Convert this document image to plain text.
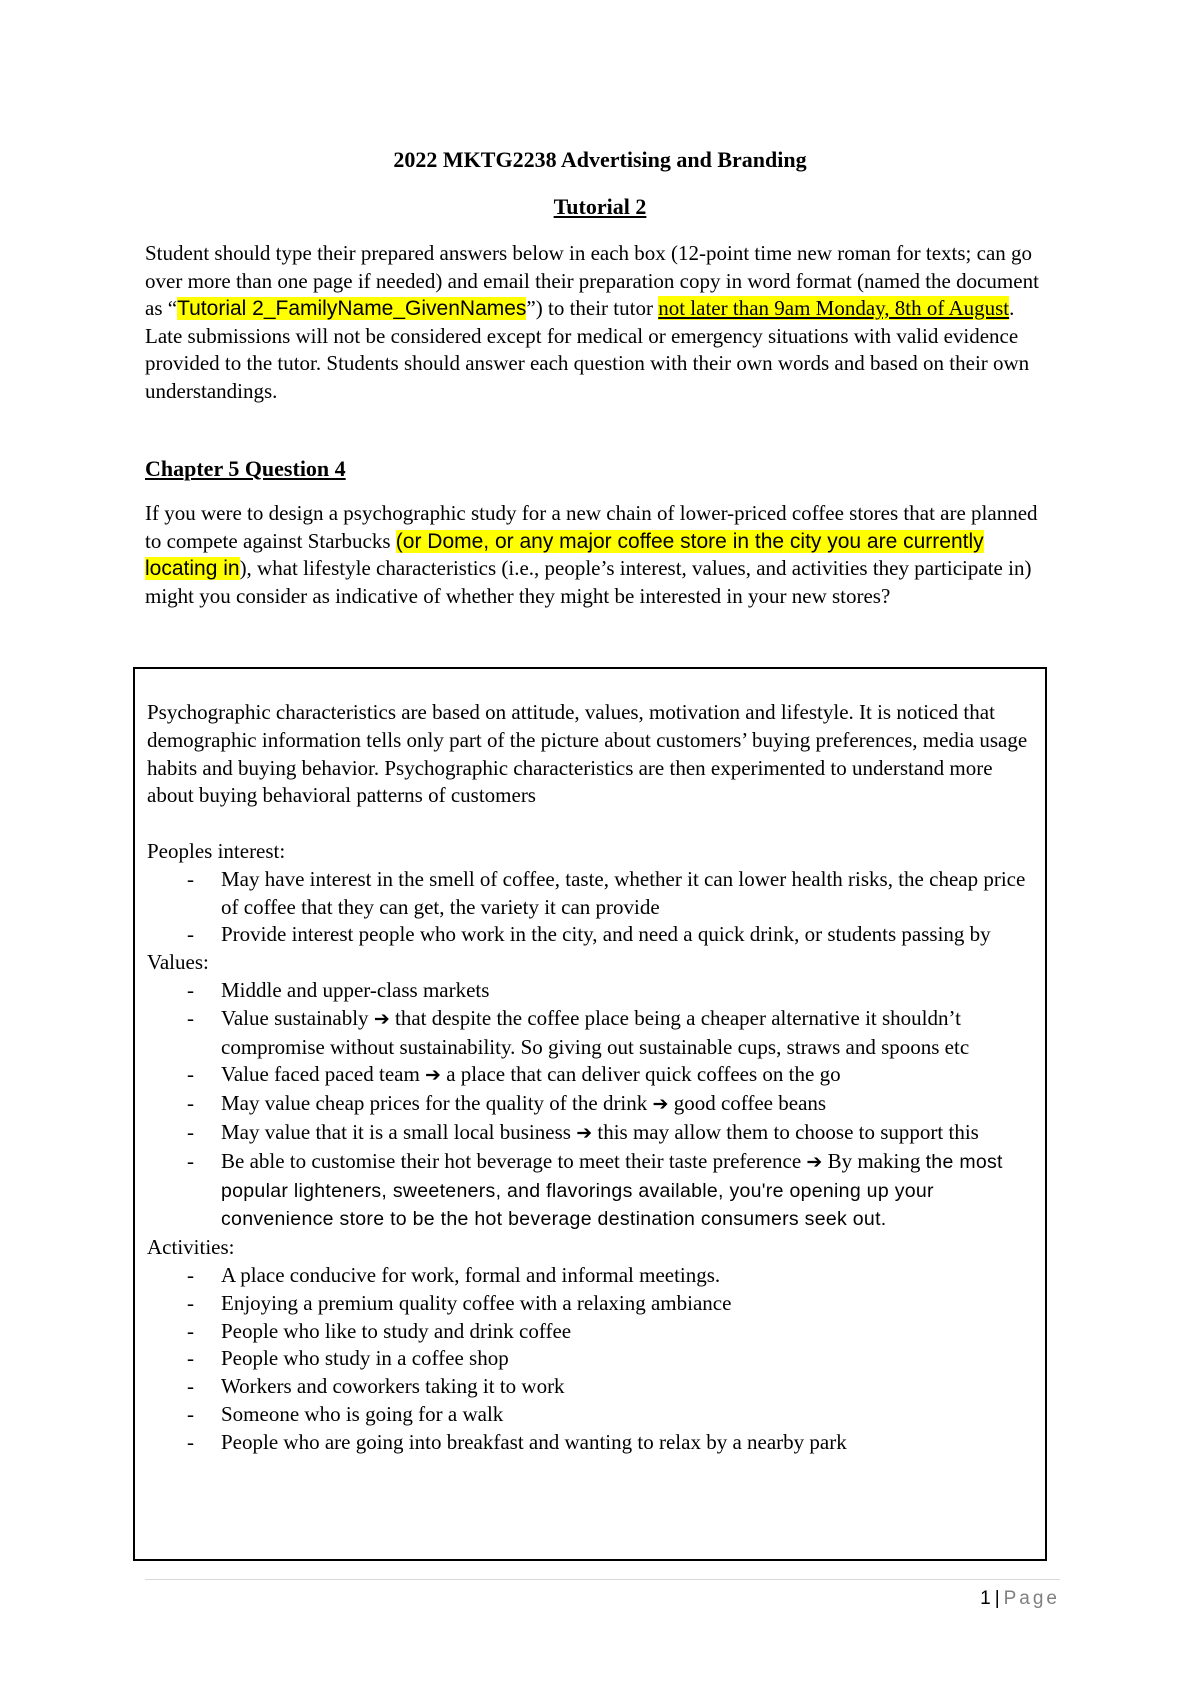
2022 MKTG2238 Advertising and Branding
Tutorial 2
Student should type their prepared answers below in each box (12-point time new roman for texts; can go over more than one page if needed) and email their preparation copy in word format (named the document as “Tutorial 2_FamilyName_GivenNames”) to their tutor not later than 9am Monday, 8th of August. Late submissions will not be considered except for medical or emergency situations with valid evidence provided to the tutor. Students should answer each question with their own words and based on their own understandings.
Chapter 5 Question 4
If you were to design a psychographic study for a new chain of lower-priced coffee stores that are planned to compete against Starbucks (or Dome, or any major coffee store in the city you are currently locating in), what lifestyle characteristics (i.e., people’s interest, values, and activities they participate in) might you consider as indicative of whether they might be interested in your new stores?

Psychographic characteristics are based on attitude, values, motivation and lifestyle. It is noticed that demographic information tells only part of the picture about customers’ buying preferences, media usage habits and buying behavior. Psychographic characteristics are then experimented to understand more about buying behavioral patterns of customers

Peoples interest:

- May have interest in the smell of coffee, taste, whether it can lower health risks, the cheap price of coffee that they can get, the variety it can provide
- Provide interest people who work in the city, and need a quick drink, or students passing by

Values:

- Middle and upper-class markets
- Value sustainably ➔ that despite the coffee place being a cheaper alternative it shouldn’t compromise without sustainability. So giving out sustainable cups, straws and spoons etc
- Value faced paced team ➔ a place that can deliver quick coffees on the go
- May value cheap prices for the quality of the drink ➔ good coffee beans
- May value that it is a small local business ➔ this may allow them to choose to support this
- Be able to customise their hot beverage to meet their taste preference ➔ By making the most popular lighteners, sweeteners, and flavorings available, you're opening up your convenience store to be the hot beverage destination consumers seek out.

Activities:

- A place conducive for work, formal and informal meetings.
- Enjoying a premium quality coffee with a relaxing ambiance
- People who like to study and drink coffee
- People who study in a coffee shop
- Workers and coworkers taking it to work
- Someone who is going for a walk
- People who are going into breakfast and wanting to relax by a nearby park
1 | Page
